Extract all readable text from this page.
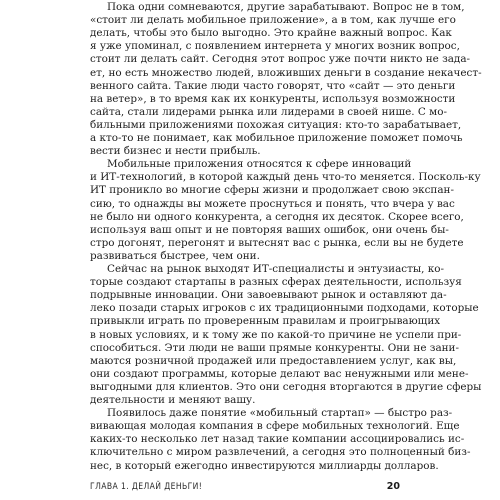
Пока одни сомневаются, другие зарабатывают. Вопрос не в том,
«стоит ли делать мобильное приложение», а в том, как лучше его
делать, чтобы это было выгодно. Это крайне важный вопрос. Как
я уже упоминал, с появлением интернета у многих возник вопрос,
стоит ли делать сайт. Сегодня этот вопрос уже почти никто не зада-
ет, но есть множество людей, вложивших деньги в создание некачест-
венного сайта. Такие люди часто говорят, что «сайт — это деньги
на ветер», в то время как их конкуренты, используя возможности
сайта, стали лидерами рынка или лидерами в своей нише. С мо-
бильными приложениями похожая ситуация: кто-то зарабатывает,
а кто-то не понимает, как мобильное приложение поможет помочь
вести бизнес и нести прибыль.
Мобильные приложения относятся к сфере инноваций
и ИТ-технологий, в которой каждый день что-то меняется. Посколь-ку
ИТ проникло во многие сферы жизни и продолжает свою экспан-
сию, то однажды вы можете проснуться и понять, что вчера у вас
не было ни одного конкурента, а сегодня их десяток. Скорее всего,
используя ваш опыт и не повторяя ваших ошибок, они очень бы-
стро догонят, перегонят и вытеснят вас с рынка, если вы не будете
развиваться быстрее, чем они.
Сейчас на рынок выходят ИТ-специалисты и энтузиасты, ко-
торые создают стартапы в разных сферах деятельности, используя
подрывные инновации. Они завоевывают рынок и оставляют да-
леко позади старых игроков с их традиционными подходами, которые
привыкли играть по проверенным правилам и проигрывающих
в новых условиях, и к тому же по какой-то причине не успели при-
способиться. Эти люди не ваши прямые конкуренты. Они не зани-
маются розничной продажей или предоставлением услуг, как вы,
они создают программы, которые делают вас ненужными или мене-
выгодными для клиентов. Это они сегодня вторгаются в другие сферы
деятельности и меняют вашу.
Появилось даже понятие «мобильный стартап» — быстро раз-
вивающая молодая компания в сфере мобильных технологий. Еще
каких-то несколько лет назад такие компании ассоциировались ис-
ключительно с миром развлечений, а сегодня это полноценный биз-
нес, в который ежегодно инвестируются миллиарды долларов.
ГЛАВА 1. ДЕЛАЙ ДЕНЬГИ!	20
